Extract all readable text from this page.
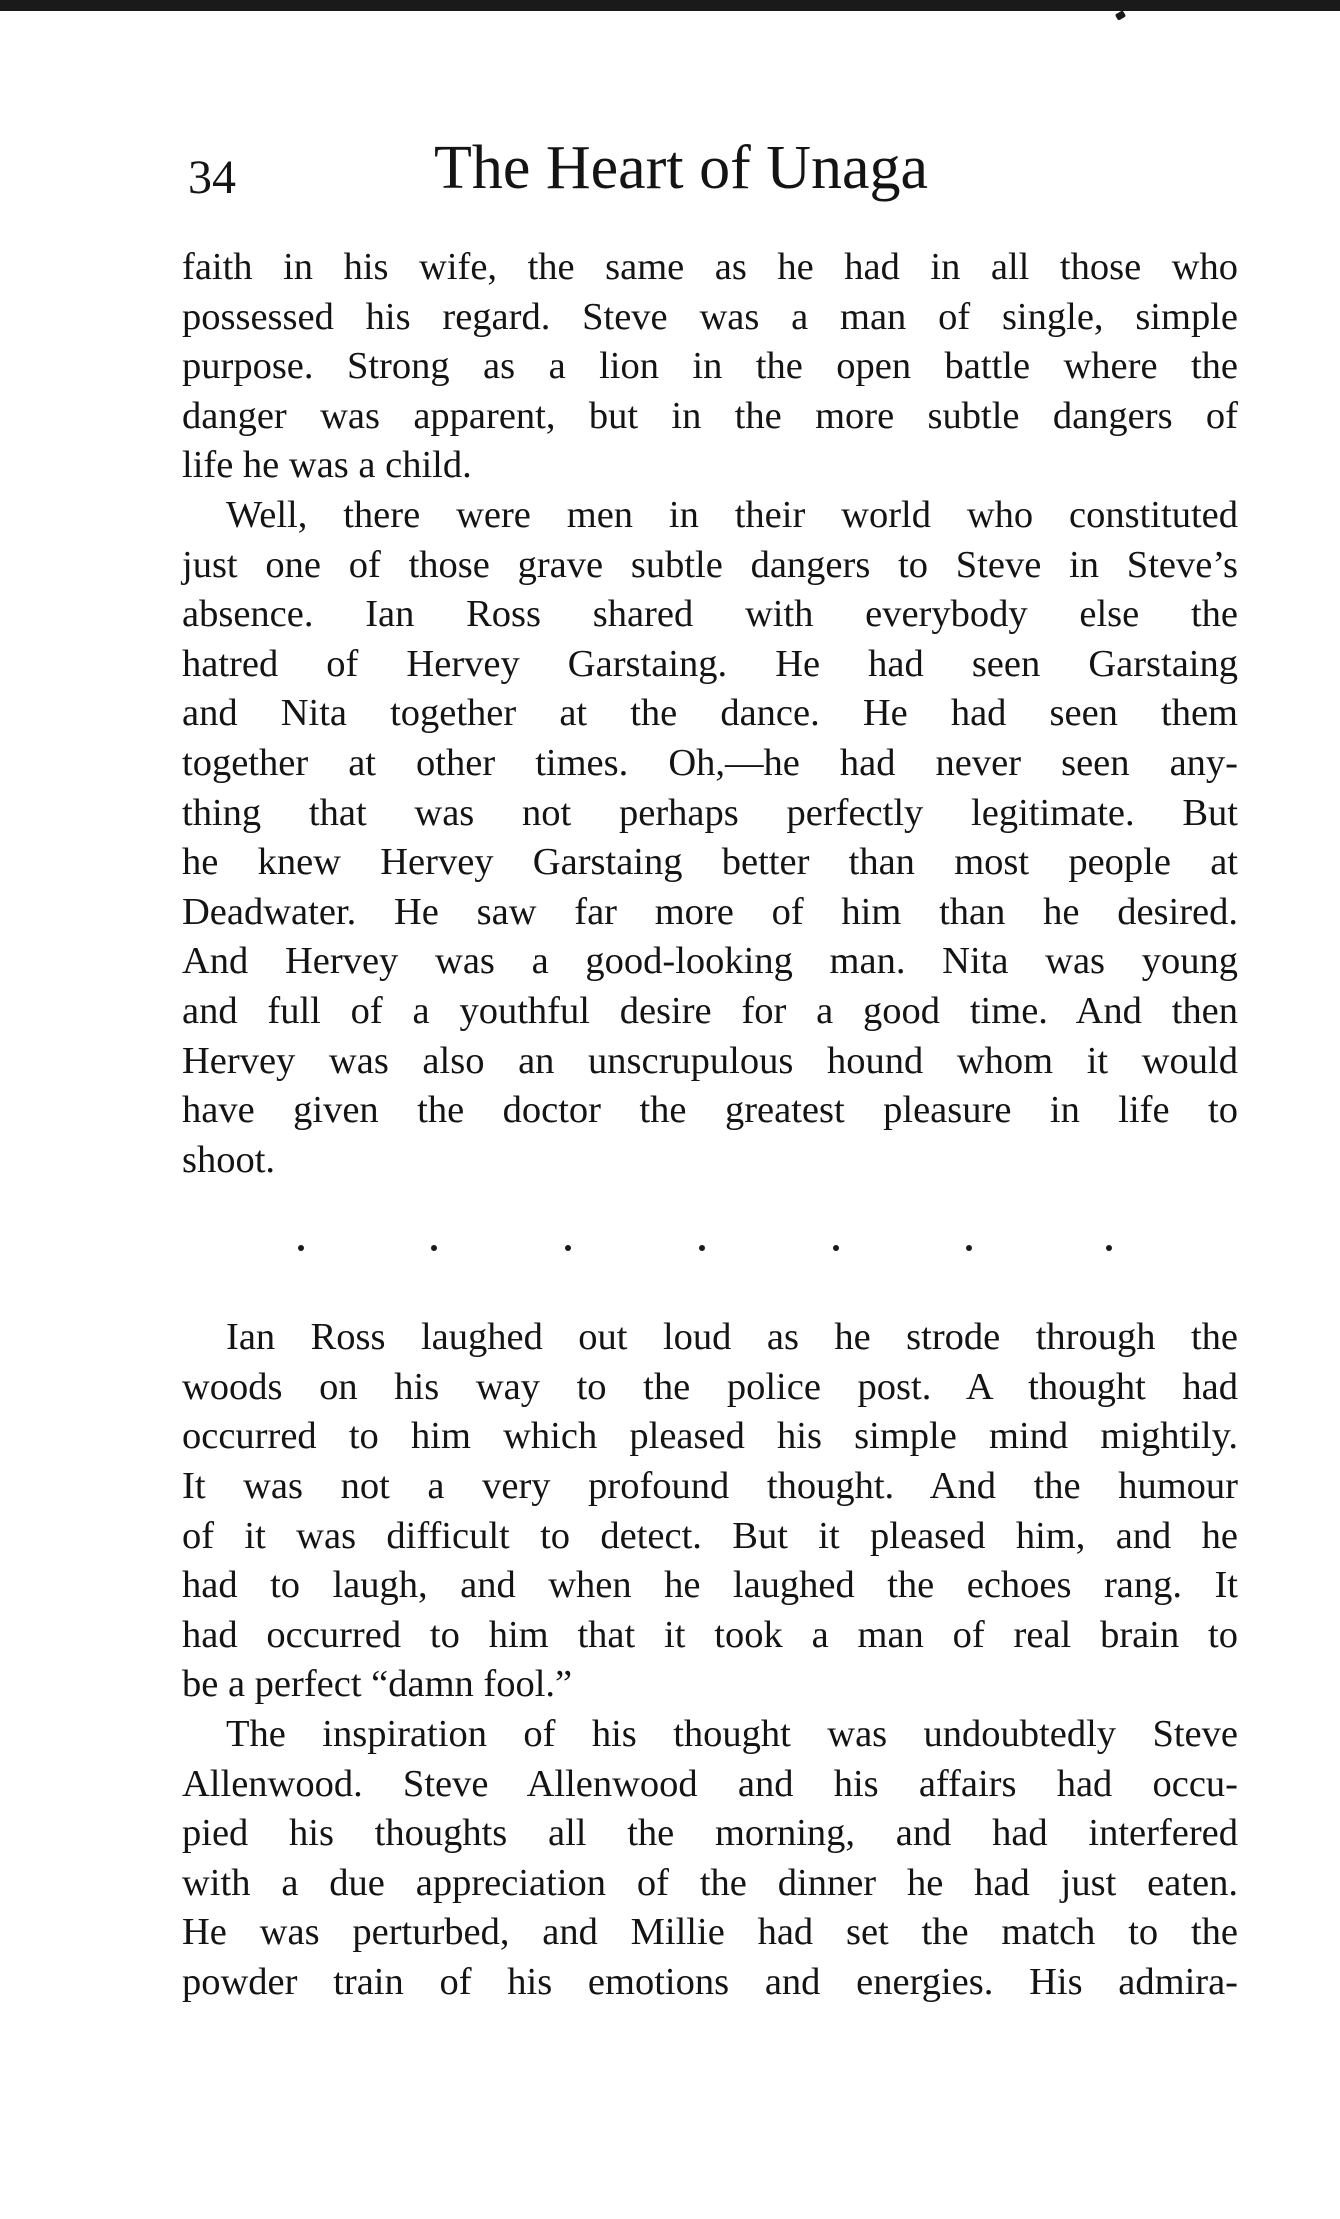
34	The Heart of Unaga
faith in his wife, the same as he had in all those who
possessed his regard. Steve was a man of single, simple
purpose. Strong as a lion in the open battle where the
danger was apparent, but in the more subtle dangers of
life he was a child.
Well, there were men in their world who constituted
just one of those grave subtle dangers to Steve in Steve’s
absence. Ian Ross shared with everybody else the
hatred of Hervey Garstaing. He had seen Garstaing
and Nita together at the dance. He had seen them
together at other times. Oh,—he had never seen any-
thing that was not perhaps perfectly legitimate. But
he knew Hervey Garstaing better than most people at
Deadwater. He saw far more of him than he desired.
And Hervey was a good-looking man. Nita was young
and full of a youthful desire for a good time. And then
Hervey was also an unscrupulous hound whom it would
have given the doctor the greatest pleasure in life to
shoot.
Ian Ross laughed out loud as he strode through the
woods on his way to the police post. A thought had
occurred to him which pleased his simple mind mightily.
It was not a very profound thought. And the humour
of it was difficult to detect. But it pleased him, and he
had to laugh, and when he laughed the echoes rang. It
had occurred to him that it took a man of real brain to
be a perfect “damn fool.”
The inspiration of his thought was undoubtedly Steve
Allenwood. Steve Allenwood and his affairs had occu-
pied his thoughts all the morning, and had interfered
with a due appreciation of the dinner he had just eaten.
He was perturbed, and Millie had set the match to the
powder train of his emotions and energies. His admira-
